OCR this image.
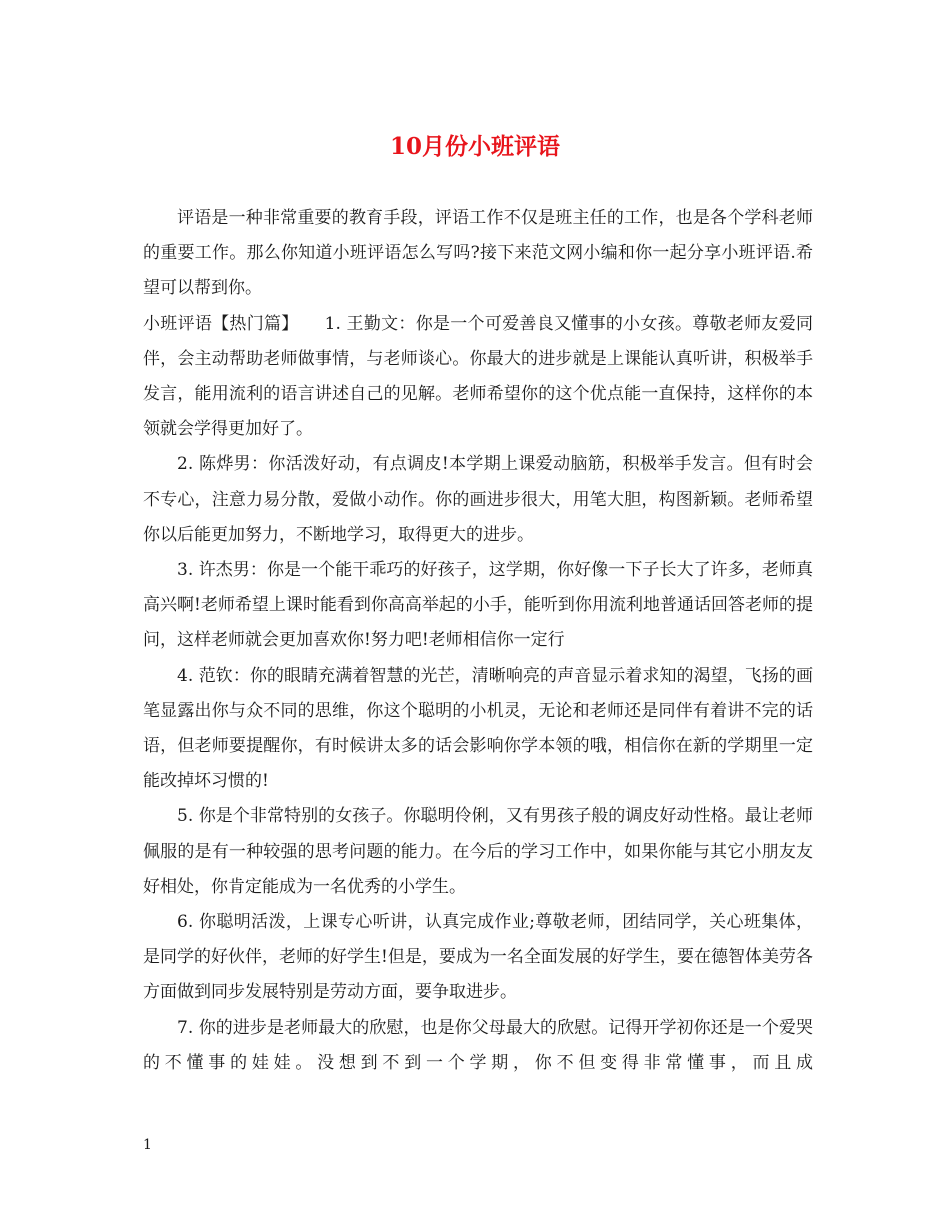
10月份小班评语

评语是一种非常重要的教育手段，评语工作不仅是班主任的工作，也是各个学科老师的重要工作。那么你知道小班评语怎么写吗?接下来范文网小编和你一起分享小班评语.希望可以帮到你。

小班评语【热门篇】　　1. 王勤文：你是一个可爱善良又懂事的小女孩。尊敬老师友爱同伴，会主动帮助老师做事情，与老师谈心。你最大的进步就是上课能认真听讲，积极举手发言，能用流利的语言讲述自己的见解。老师希望你的这个优点能一直保持，这样你的本领就会学得更加好了。

2. 陈烨男：你活泼好动，有点调皮!本学期上课爱动脑筋，积极举手发言。但有时会不专心，注意力易分散，爱做小动作。你的画进步很大，用笔大胆，构图新颖。老师希望你以后能更加努力，不断地学习，取得更大的进步。

3. 许杰男：你是一个能干乖巧的好孩子，这学期，你好像一下子长大了许多，老师真高兴啊!老师希望上课时能看到你高高举起的小手，能听到你用流利地普通话回答老师的提问，这样老师就会更加喜欢你!努力吧!老师相信你一定行

4. 范钦：你的眼睛充满着智慧的光芒，清晰响亮的声音显示着求知的渴望，飞扬的画笔显露出你与众不同的思维，你这个聪明的小机灵，无论和老师还是同伴有着讲不完的话语，但老师要提醒你，有时候讲太多的话会影响你学本领的哦，相信你在新的学期里一定能改掉坏习惯的!

5. 你是个非常特别的女孩子。你聪明伶俐，又有男孩子般的调皮好动性格。最让老师佩服的是有一种较强的思考问题的能力。在今后的学习工作中，如果你能与其它小朋友友好相处，你肯定能成为一名优秀的小学生。

6. 你聪明活泼，上课专心听讲，认真完成作业;尊敬老师，团结同学，关心班集体，是同学的好伙伴，老师的好学生!但是，要成为一名全面发展的好学生，要在德智体美劳各方面做到同步发展特别是劳动方面，要争取进步。

7. 你的进步是老师最大的欣慰，也是你父母最大的欣慰。记得开学初你还是一个爱哭的不懂事的娃娃。没想到不到一个学期，你不但变得非常懂事，而且成

1
